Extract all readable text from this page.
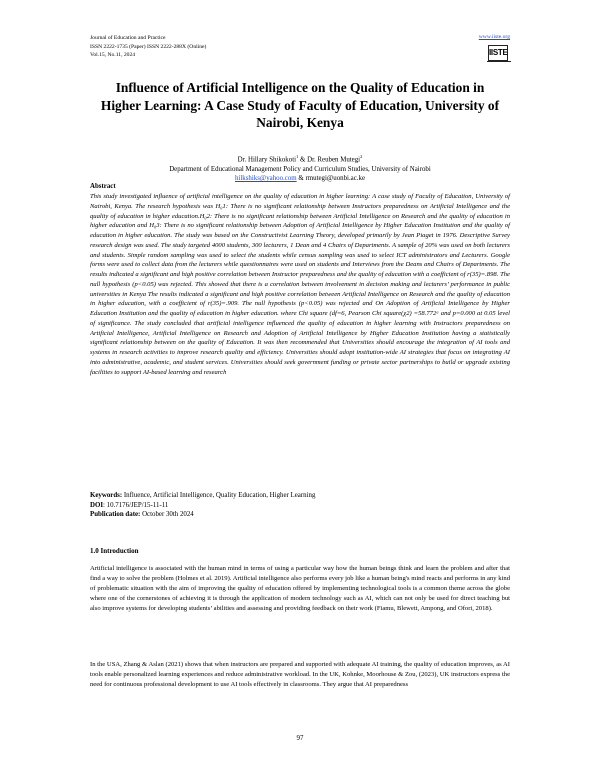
Journal of Education and Practice
ISSN 2222-1735 (Paper) ISSN 2222-288X (Online)
Vol.15, No.11, 2024
www.iiste.org
IISTE
Influence of Artificial Intelligence on the Quality of Education in Higher Learning: A Case Study of Faculty of Education, University of Nairobi, Kenya
Dr. Hillary Shikokoti$^1$ & Dr. Reuben Mutegi$^2$
Department of Educational Management Policy and Curriculum Studies, University of Nairobi
hilkshiks@yahoo.com & rmutegi@uonbi.ac.ke
Abstract

This study investigated influence of artificial intelligence on the quality of education in higher learning: A case study of Faculty of Education, University of Nairobi, Kenya. The research hypothesis was H₀1: There is no significant relationship between Instructors preparedness on Artificial Intelligence and the quality of education in higher education.H₀2: There is no significant relationship between Artificial Intelligence on Research and the quality of education in higher education and H₀3: There is no significant relationship between Adoption of Artificial Intelligence by Higher Education Institution and the quality of education in higher education. The study was based on the Constructivist Learning Theory, developed primarily by Jean Piaget in 1976. Descriptive Survey research design was used. The study targeted 4000 students, 300 lecturers, 1 Dean and 4 Chairs of Departments. A sample of 20% was used on both lecturers and students. Simple random sampling was used to select the students while census sampling was used to select ICT administrators and Lecturers. Google forms were used to collect data from the lecturers while questionnaires were used on students and Interviews from the Deans and Chairs of Departments. The results indicated a significant and high positive correlation between Instructor preparedness and the quality of education with a coefficient of r(35)=.898. The null hypothesis (p<0.05) was rejected. This showed that there is a correlation between involvement in decision making and lecturers’ performance in public universities in Kenya The results indicated a significant and high positive correlation between Artificial Intelligence on Research and the quality of education in higher education, with a coefficient of r(35)=.909. The null hypothesis (p<0.05) was rejected and On Adoption of Artificial Intelligence by Higher Education Institution and the quality of education in higher education. where Chi square (df=6, Pearson Chi square(χ2) =58.772ᵃ and p=0.000 at 0.05 level of significance. The study concluded that artificial intelligence influenced the quality of education in higher learning with Instructors preparedness on Artificial Intelligence, Artificial Intelligence on Research and Adoption of Artificial Intelligence by Higher Education Institution having a statistically significant relationship between on the quality of Education. It was then recommended that Universities should encourage the integration of AI tools and systems in research activities to improve research quality and efficiency. Universities should adopt institution-wide AI strategies that focus on integrating AI into administrative, academic, and student services. Universities should seek government funding or private sector partnerships to build or upgrade existing facilities to support AI-based learning and research

Keywords: Influence, Artificial Intelligence, Quality Education, Higher Learning
DOI: 10.7176/JEP/15-11-11
Publication date: October 30th 2024
1.0 Introduction

Artificial intelligence is associated with the human mind in terms of using a particular way how the human beings think and learn the problem and after that find a way to solve the problem (Holmes et al. 2019). Artificial intelligence also performs every job like a human being's mind reacts and performs in any kind of problematic situation with the aim of improving the quality of education offered by implementing technological tools is a common theme across the globe where one of the cornerstones of achieving it is through the application of modern technology such as AI, which can not only be used for direct teaching but also improve systems for developing students’ abilities and assessing and providing feedback on their work (Fiamu, Blewett, Ampong, and Ofori, 2018).

In the USA, Zhang & Aslan (2021) shows that when instructors are prepared and supported with adequate AI training, the quality of education improves, as AI tools enable personalized learning experiences and reduce administrative workload. In the UK, Kohnke, Moorhouse & Zou, (2023), UK instructors express the need for continuous professional development to use AI tools effectively in classrooms. They argue that AI preparedness

97
